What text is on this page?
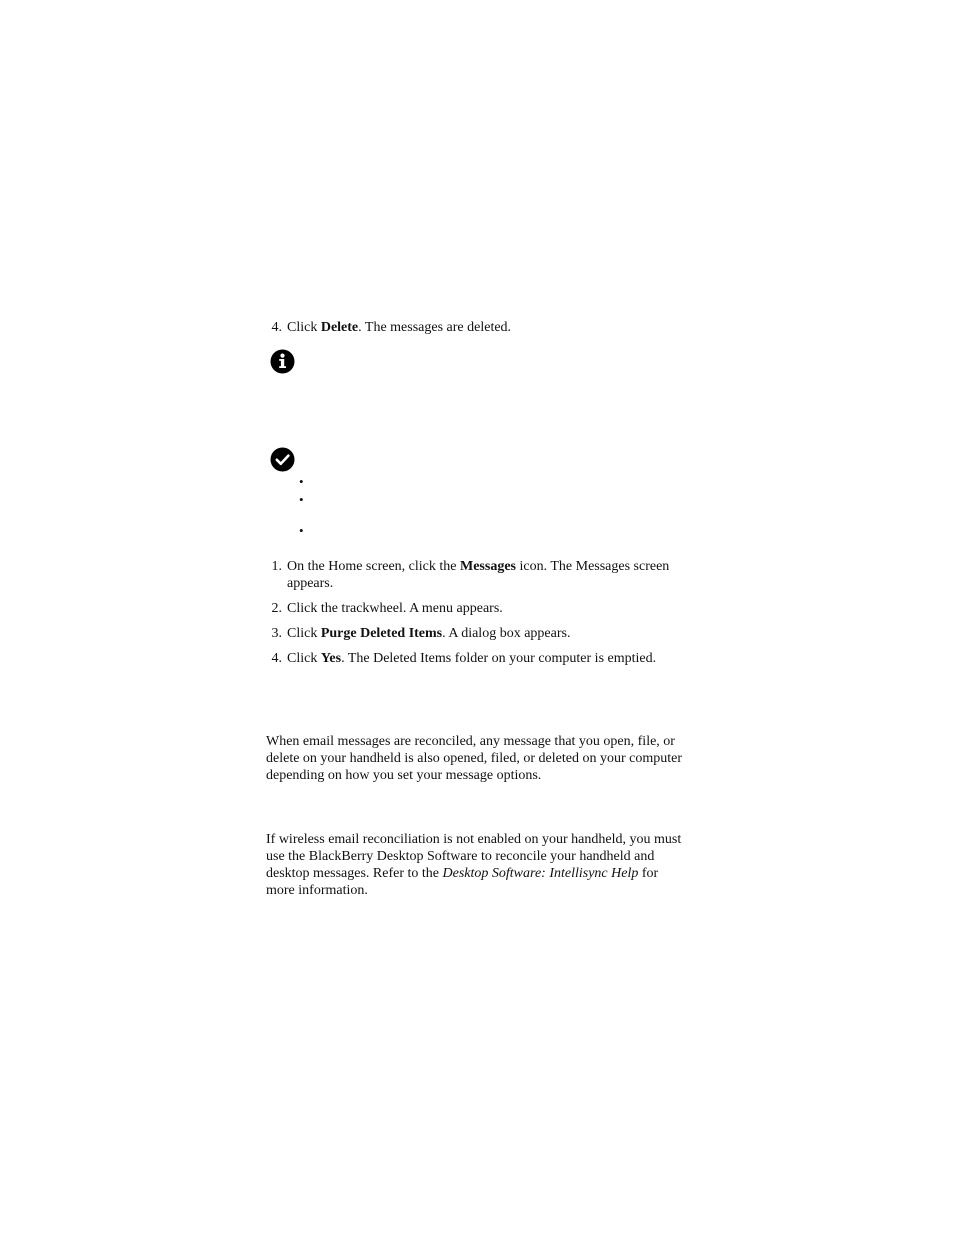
4. Click Delete. The messages are deleted.
•
•
•
1. On the Home screen, click the Messages icon. The Messages screen appears.
2. Click the trackwheel. A menu appears.
3. Click Purge Deleted Items. A dialog box appears.
4. Click Yes. The Deleted Items folder on your computer is emptied.

When email messages are reconciled, any message that you open, file, or delete on your handheld is also opened, filed, or deleted on your computer depending on how you set your message options.

If wireless email reconciliation is not enabled on your handheld, you must use the BlackBerry Desktop Software to reconcile your handheld and desktop messages. Refer to the Desktop Software: Intellisync Help for more information.
